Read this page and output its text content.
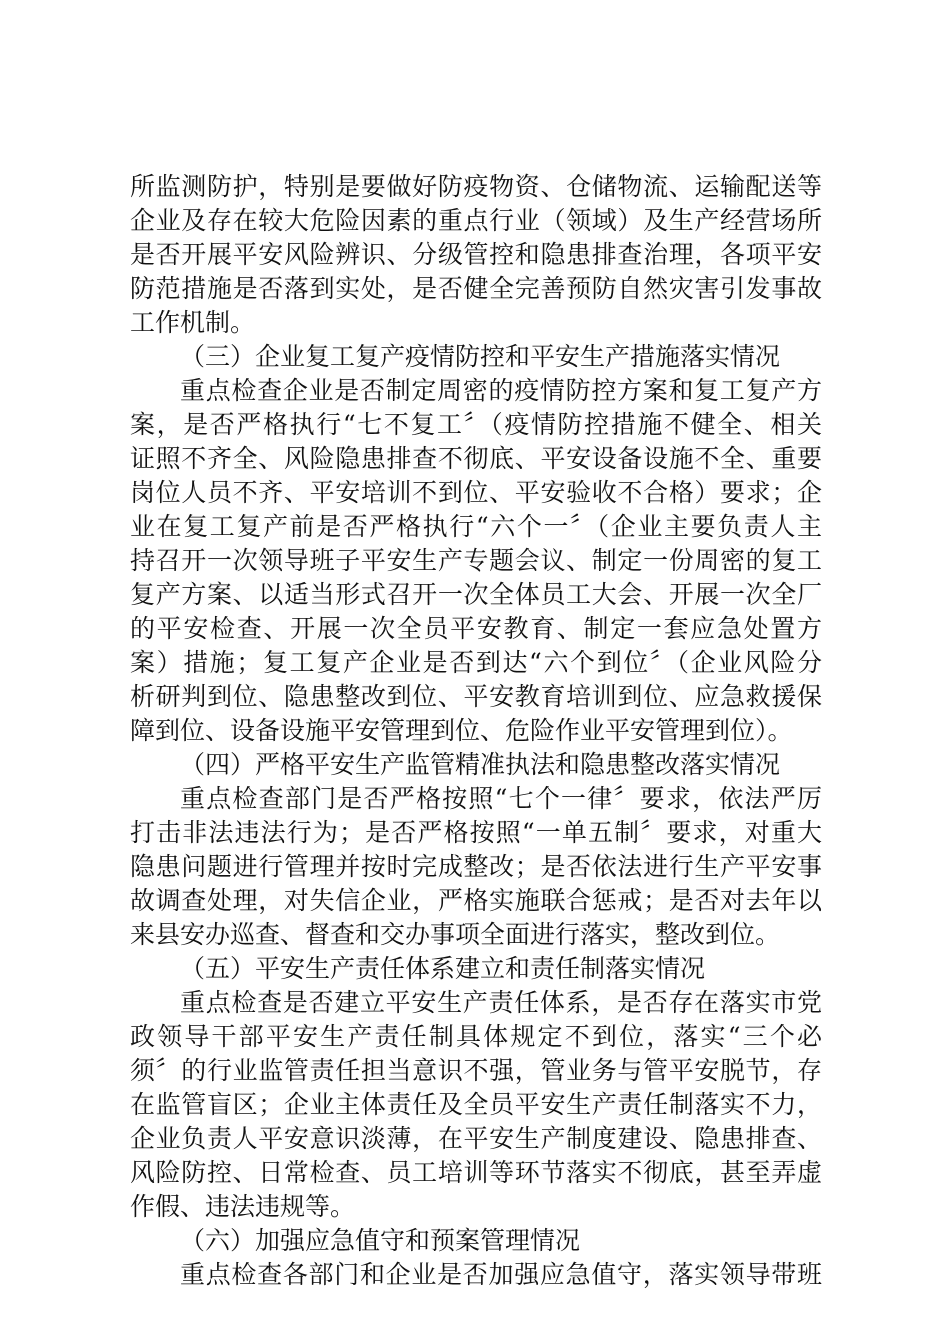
所监测防护，特别是要做好防疫物资、仓储物流、运输配送等
企业及存在较大危险因素的重点行业（领域）及生产经营场所
是否开展平安风险辨识、分级管控和隐患排查治理，各项平安
防范措施是否落到实处，是否健全完善预防自然灾害引发事故
工作机制。
（三）企业复工复产疫情防控和平安生产措施落实情况
重点检查企业是否制定周密的疫情防控方案和复工复产方
案，是否严格执行“七不复工〞（疫情防控措施不健全、相关
证照不齐全、风险隐患排查不彻底、平安设备设施不全、重要
岗位人员不齐、平安培训不到位、平安验收不合格）要求；企
业在复工复产前是否严格执行“六个一〞（企业主要负责人主
持召开一次领导班子平安生产专题会议、制定一份周密的复工
复产方案、以适当形式召开一次全体员工大会、开展一次全厂
的平安检查、开展一次全员平安教育、制定一套应急处置方
案）措施；复工复产企业是否到达“六个到位〞（企业风险分
析研判到位、隐患整改到位、平安教育培训到位、应急救援保
障到位、设备设施平安管理到位、危险作业平安管理到位）。
（四）严格平安生产监管精准执法和隐患整改落实情况
重点检查部门是否严格按照“七个一律〞要求，依法严厉
打击非法违法行为；是否严格按照“一单五制〞要求，对重大
隐患问题进行管理并按时完成整改；是否依法进行生产平安事
故调查处理，对失信企业，严格实施联合惩戒；是否对去年以
来县安办巡查、督查和交办事项全面进行落实，整改到位。
（五）平安生产责任体系建立和责任制落实情况
重点检查是否建立平安生产责任体系，是否存在落实市党
政领导干部平安生产责任制具体规定不到位，落实“三个必
须〞的行业监管责任担当意识不强，管业务与管平安脱节，存
在监管盲区；企业主体责任及全员平安生产责任制落实不力，
企业负责人平安意识淡薄，在平安生产制度建设、隐患排查、
风险防控、日常检查、员工培训等环节落实不彻底，甚至弄虚
作假、违法违规等。
（六）加强应急值守和预案管理情况
重点检查各部门和企业是否加强应急值守，落实领导带班
